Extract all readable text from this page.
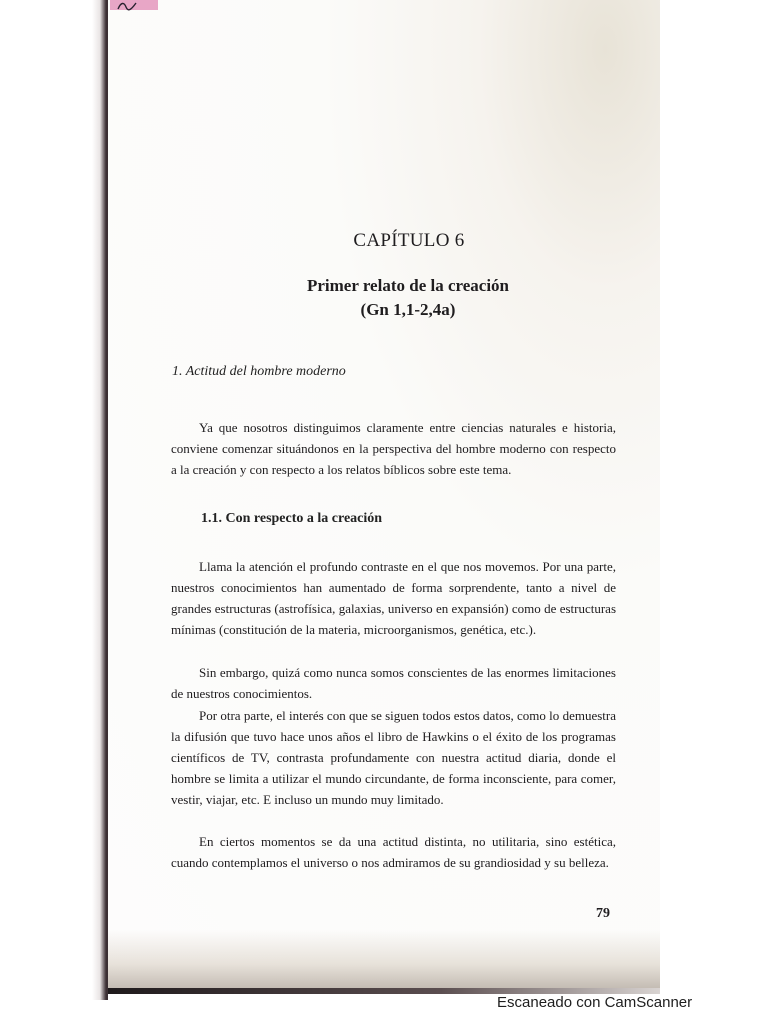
CAPÍTULO 6
Primer relato de la creación
(Gn 1,1-2,4a)
1. Actitud del hombre moderno

Ya que nosotros distinguimos claramente entre ciencias naturales e historia, conviene comenzar situándonos en la perspectiva del hombre moderno con respecto a la creación y con respecto a los relatos bíblicos sobre este tema.

1.1. Con respecto a la creación

Llama la atención el profundo contraste en el que nos movemos. Por una parte, nuestros conocimientos han aumentado de forma sorprendente, tanto a nivel de grandes estructuras (astrofísica, galaxias, universo en expansión) como de estructuras mínimas (constitución de la materia, microorganismos, genética, etc.).

Sin embargo, quizá como nunca somos conscientes de las enormes limitaciones de nuestros conocimientos.

Por otra parte, el interés con que se siguen todos estos datos, como lo demuestra la difusión que tuvo hace unos años el libro de Hawkins o el éxito de los programas científicos de TV, contrasta profundamente con nuestra actitud diaria, donde el hombre se limita a utilizar el mundo circundante, de forma inconsciente, para comer, vestir, viajar, etc. E incluso un mundo muy limitado.

En ciertos momentos se da una actitud distinta, no utilitaria, sino estética, cuando contemplamos el universo o nos admiramos de su grandiosidad y su belleza.

79
Escaneado con CamScanner
